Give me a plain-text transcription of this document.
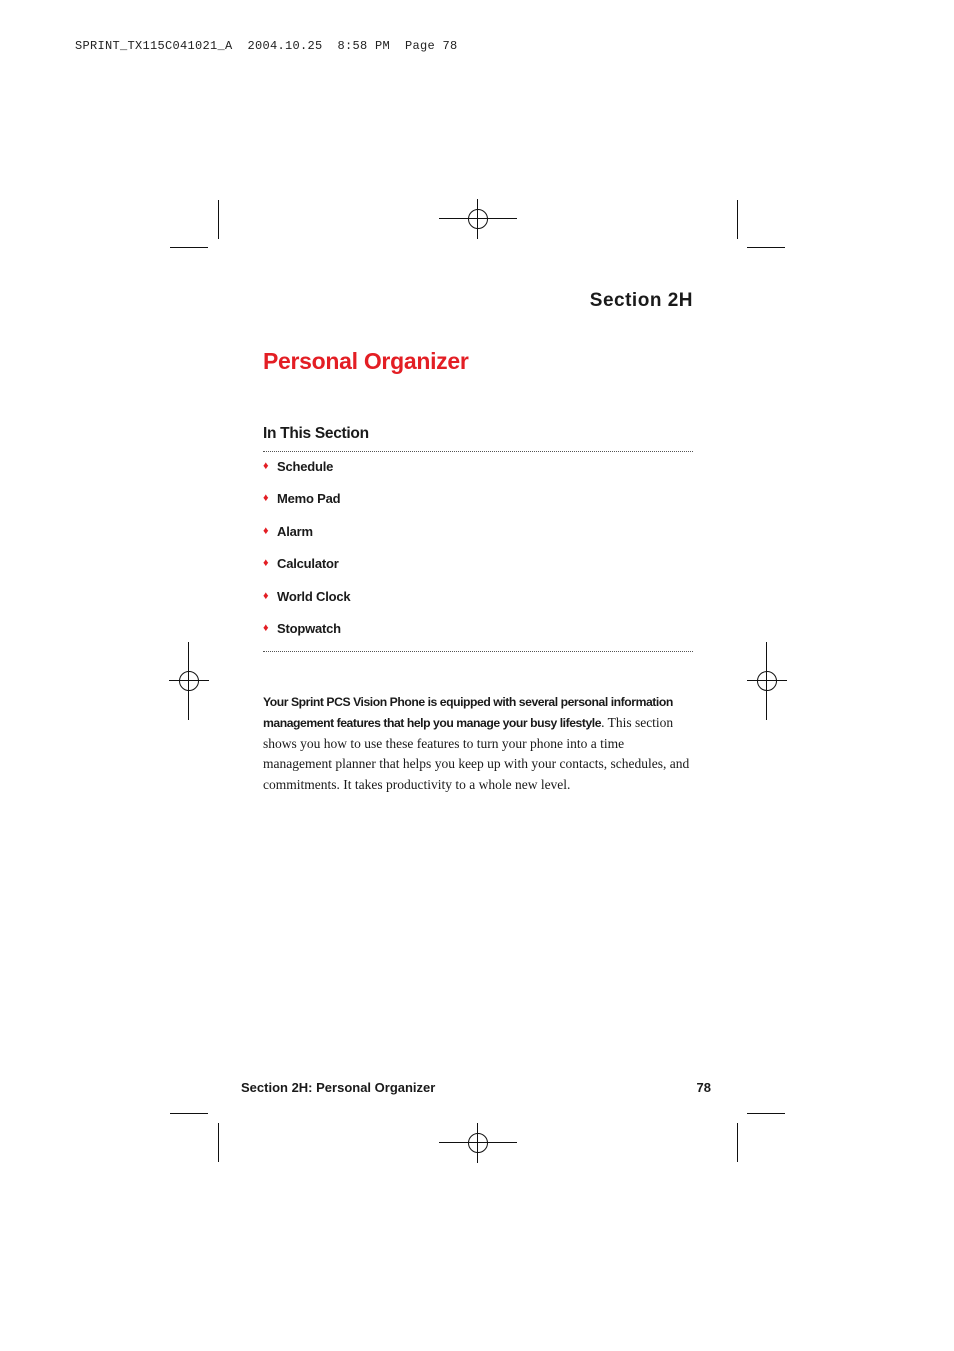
SPRINT_TX115C041021_A  2004.10.25  8:58 PM  Page 78
Section 2H
Personal Organizer
In This Section
♦ Schedule
♦ Memo Pad
♦ Alarm
♦ Calculator
♦ World Clock
♦ Stopwatch

Your Sprint PCS Vision Phone is equipped with several personal information management features that help you manage your busy lifestyle. This section shows you how to use these features to turn your phone into a time management planner that helps you keep up with your contacts, schedules, and commitments. It takes productivity to a whole new level.

Section 2H: Personal Organizer	78
